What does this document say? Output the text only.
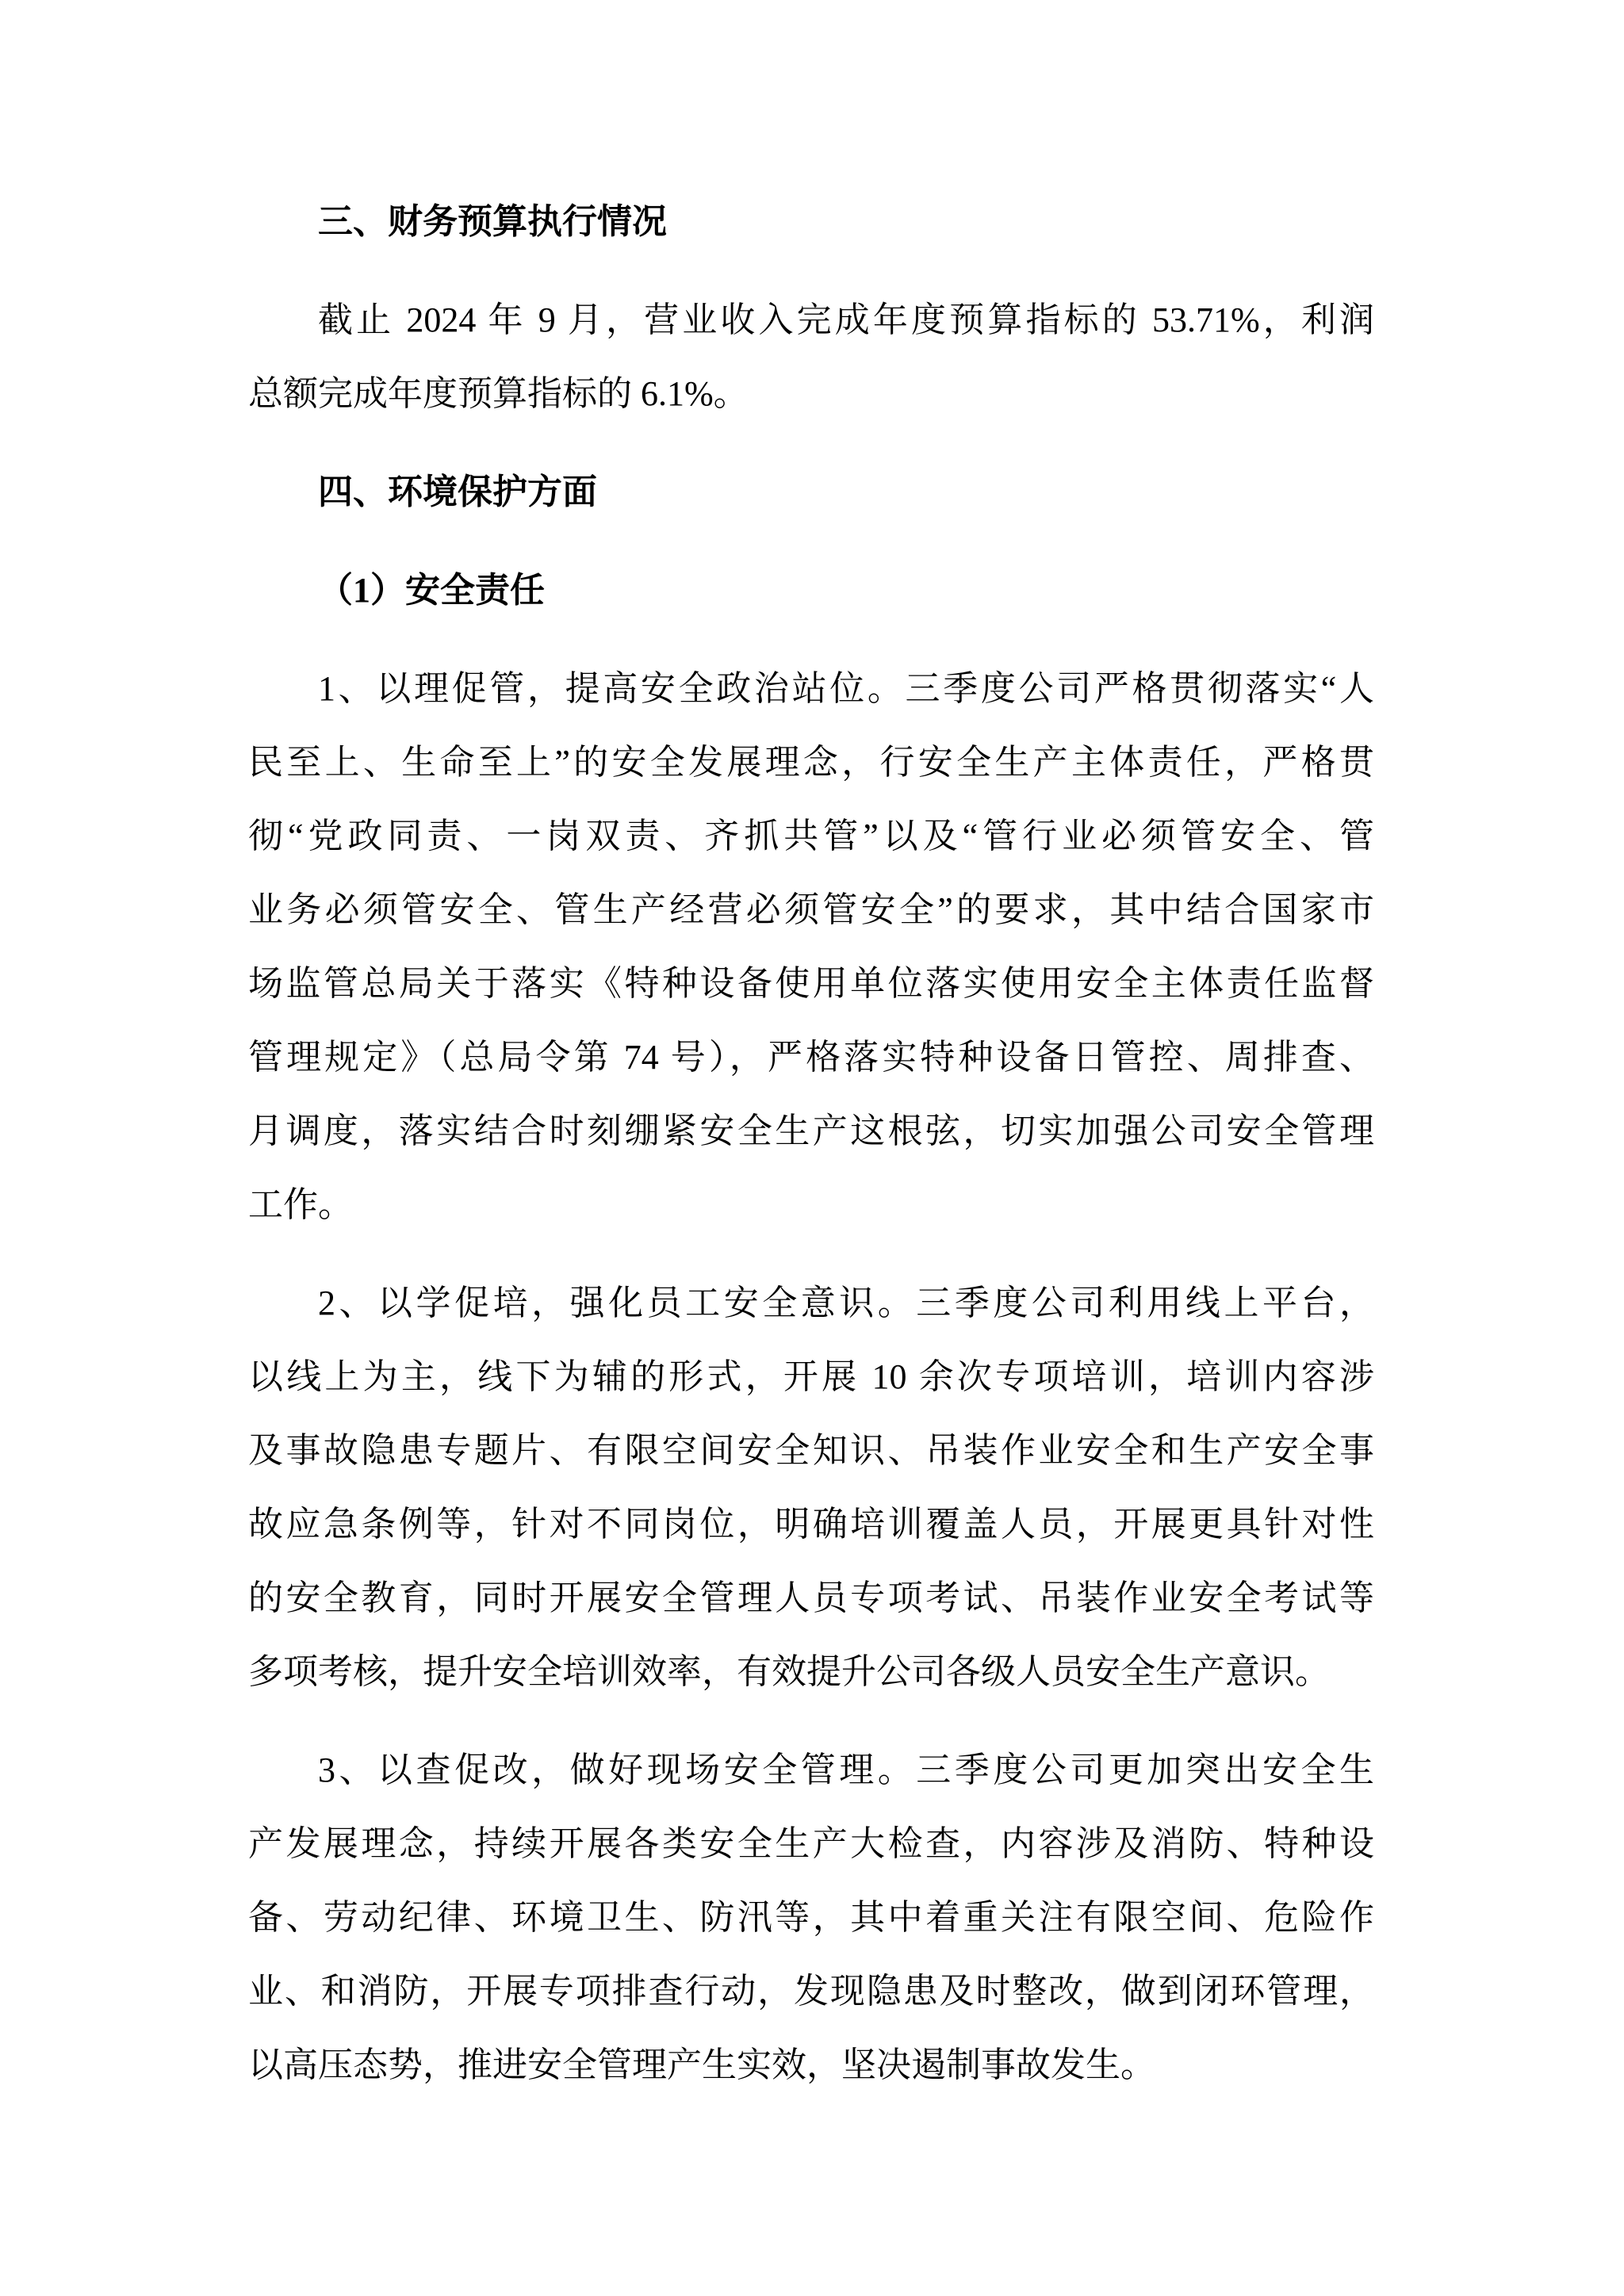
三、财务预算执行情况
截止 2024 年 9 月，营业收入完成年度预算指标的 53.71%，利润
总额完成年度预算指标的 6.1%。
四、环境保护方面
（1）安全责任
1、以理促管，提高安全政治站位。三季度公司严格贯彻落实“人
民至上、生命至上”的安全发展理念，行安全生产主体责任，严格贯
彻“党政同责、一岗双责、齐抓共管”以及“管行业必须管安全、管
业务必须管安全、管生产经营必须管安全”的要求，其中结合国家市
场监管总局关于落实《特种设备使用单位落实使用安全主体责任监督
管理规定》（总局令第 74 号），严格落实特种设备日管控、周排查、
月调度，落实结合时刻绷紧安全生产这根弦，切实加强公司安全管理
工作。
2、以学促培，强化员工安全意识。三季度公司利用线上平台，
以线上为主，线下为辅的形式，开展 10 余次专项培训，培训内容涉
及事故隐患专题片、有限空间安全知识、吊装作业安全和生产安全事
故应急条例等，针对不同岗位，明确培训覆盖人员，开展更具针对性
的安全教育，同时开展安全管理人员专项考试、吊装作业安全考试等
多项考核，提升安全培训效率，有效提升公司各级人员安全生产意识。
3、以查促改，做好现场安全管理。三季度公司更加突出安全生
产发展理念，持续开展各类安全生产大检查，内容涉及消防、特种设
备、劳动纪律、环境卫生、防汛等，其中着重关注有限空间、危险作
业、和消防，开展专项排查行动，发现隐患及时整改，做到闭环管理，
以高压态势，推进安全管理产生实效，坚决遏制事故发生。
